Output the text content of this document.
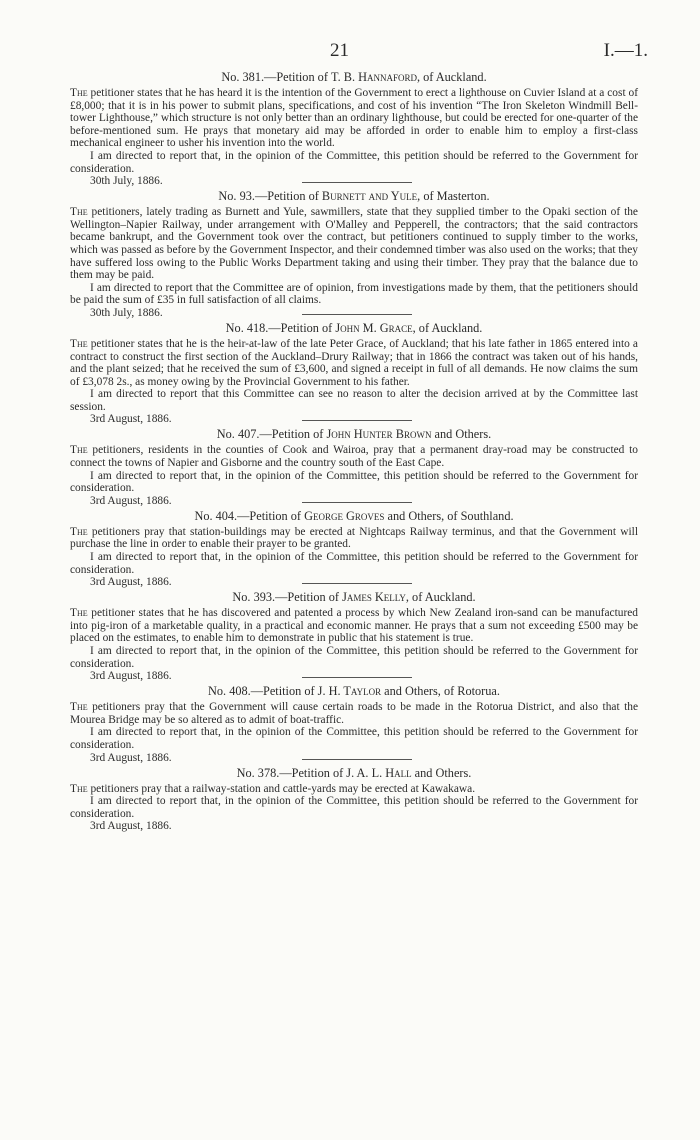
21	I.—1.
No. 381.—Petition of T. B. Hannaford, of Auckland.

The petitioner states that he has heard it is the intention of the Government to erect a lighthouse on Cuvier Island at a cost of £8,000; that it is in his power to submit plans, specifications, and cost of his invention “The Iron Skeleton Windmill Bell-tower Lighthouse,” which structure is not only better than an ordinary lighthouse, but could be erected for one-quarter of the before-mentioned sum. He prays that monetary aid may be afforded in order to enable him to employ a first-class mechanical engineer to usher his invention into the world.

I am directed to report that, in the opinion of the Committee, this petition should be referred to the Government for consideration.

30th July, 1886.

No. 93.—Petition of Burnett and Yule, of Masterton.

The petitioners, lately trading as Burnett and Yule, sawmillers, state that they supplied timber to the Opaki section of the Wellington–Napier Railway, under arrangement with O'Malley and Pepperell, the contractors; that the said contractors became bankrupt, and the Government took over the contract, but petitioners continued to supply timber to the works, which was passed as before by the Government Inspector, and their condemned timber was also used on the works; that they have suffered loss owing to the Public Works Department taking and using their timber. They pray that the balance due to them may be paid.

I am directed to report that the Committee are of opinion, from investigations made by them, that the petitioners should be paid the sum of £35 in full satisfaction of all claims.

30th July, 1886.

No. 418.—Petition of John M. Grace, of Auckland.

The petitioner states that he is the heir-at-law of the late Peter Grace, of Auckland; that his late father in 1865 entered into a contract to construct the first section of the Auckland–Drury Railway; that in 1866 the contract was taken out of his hands, and the plant seized; that he received the sum of £3,600, and signed a receipt in full of all demands. He now claims the sum of £3,078 2s., as money owing by the Provincial Government to his father.

I am directed to report that this Committee can see no reason to alter the decision arrived at by the Committee last session.

3rd August, 1886.

No. 407.—Petition of John Hunter Brown and Others.

The petitioners, residents in the counties of Cook and Wairoa, pray that a permanent dray-road may be constructed to connect the towns of Napier and Gisborne and the country south of the East Cape.

I am directed to report that, in the opinion of the Committee, this petition should be referred to the Government for consideration.

3rd August, 1886.

No. 404.—Petition of George Groves and Others, of Southland.

The petitioners pray that station-buildings may be erected at Nightcaps Railway terminus, and that the Government will purchase the line in order to enable their prayer to be granted.

I am directed to report that, in the opinion of the Committee, this petition should be referred to the Government for consideration.

3rd August, 1886.

No. 393.—Petition of James Kelly, of Auckland.

The petitioner states that he has discovered and patented a process by which New Zealand iron-sand can be manufactured into pig-iron of a marketable quality, in a practical and economic manner. He prays that a sum not exceeding £500 may be placed on the estimates, to enable him to demonstrate in public that his statement is true.

I am directed to report that, in the opinion of the Committee, this petition should be referred to the Government for consideration.

3rd August, 1886.

No. 408.—Petition of J. H. Taylor and Others, of Rotorua.

The petitioners pray that the Government will cause certain roads to be made in the Rotorua District, and also that the Mourea Bridge may be so altered as to admit of boat-traffic.

I am directed to report that, in the opinion of the Committee, this petition should be referred to the Government for consideration.

3rd August, 1886.

No. 378.—Petition of J. A. L. Hall and Others.

The petitioners pray that a railway-station and cattle-yards may be erected at Kawakawa.

I am directed to report that, in the opinion of the Committee, this petition should be referred to the Government for consideration.

3rd August, 1886.
